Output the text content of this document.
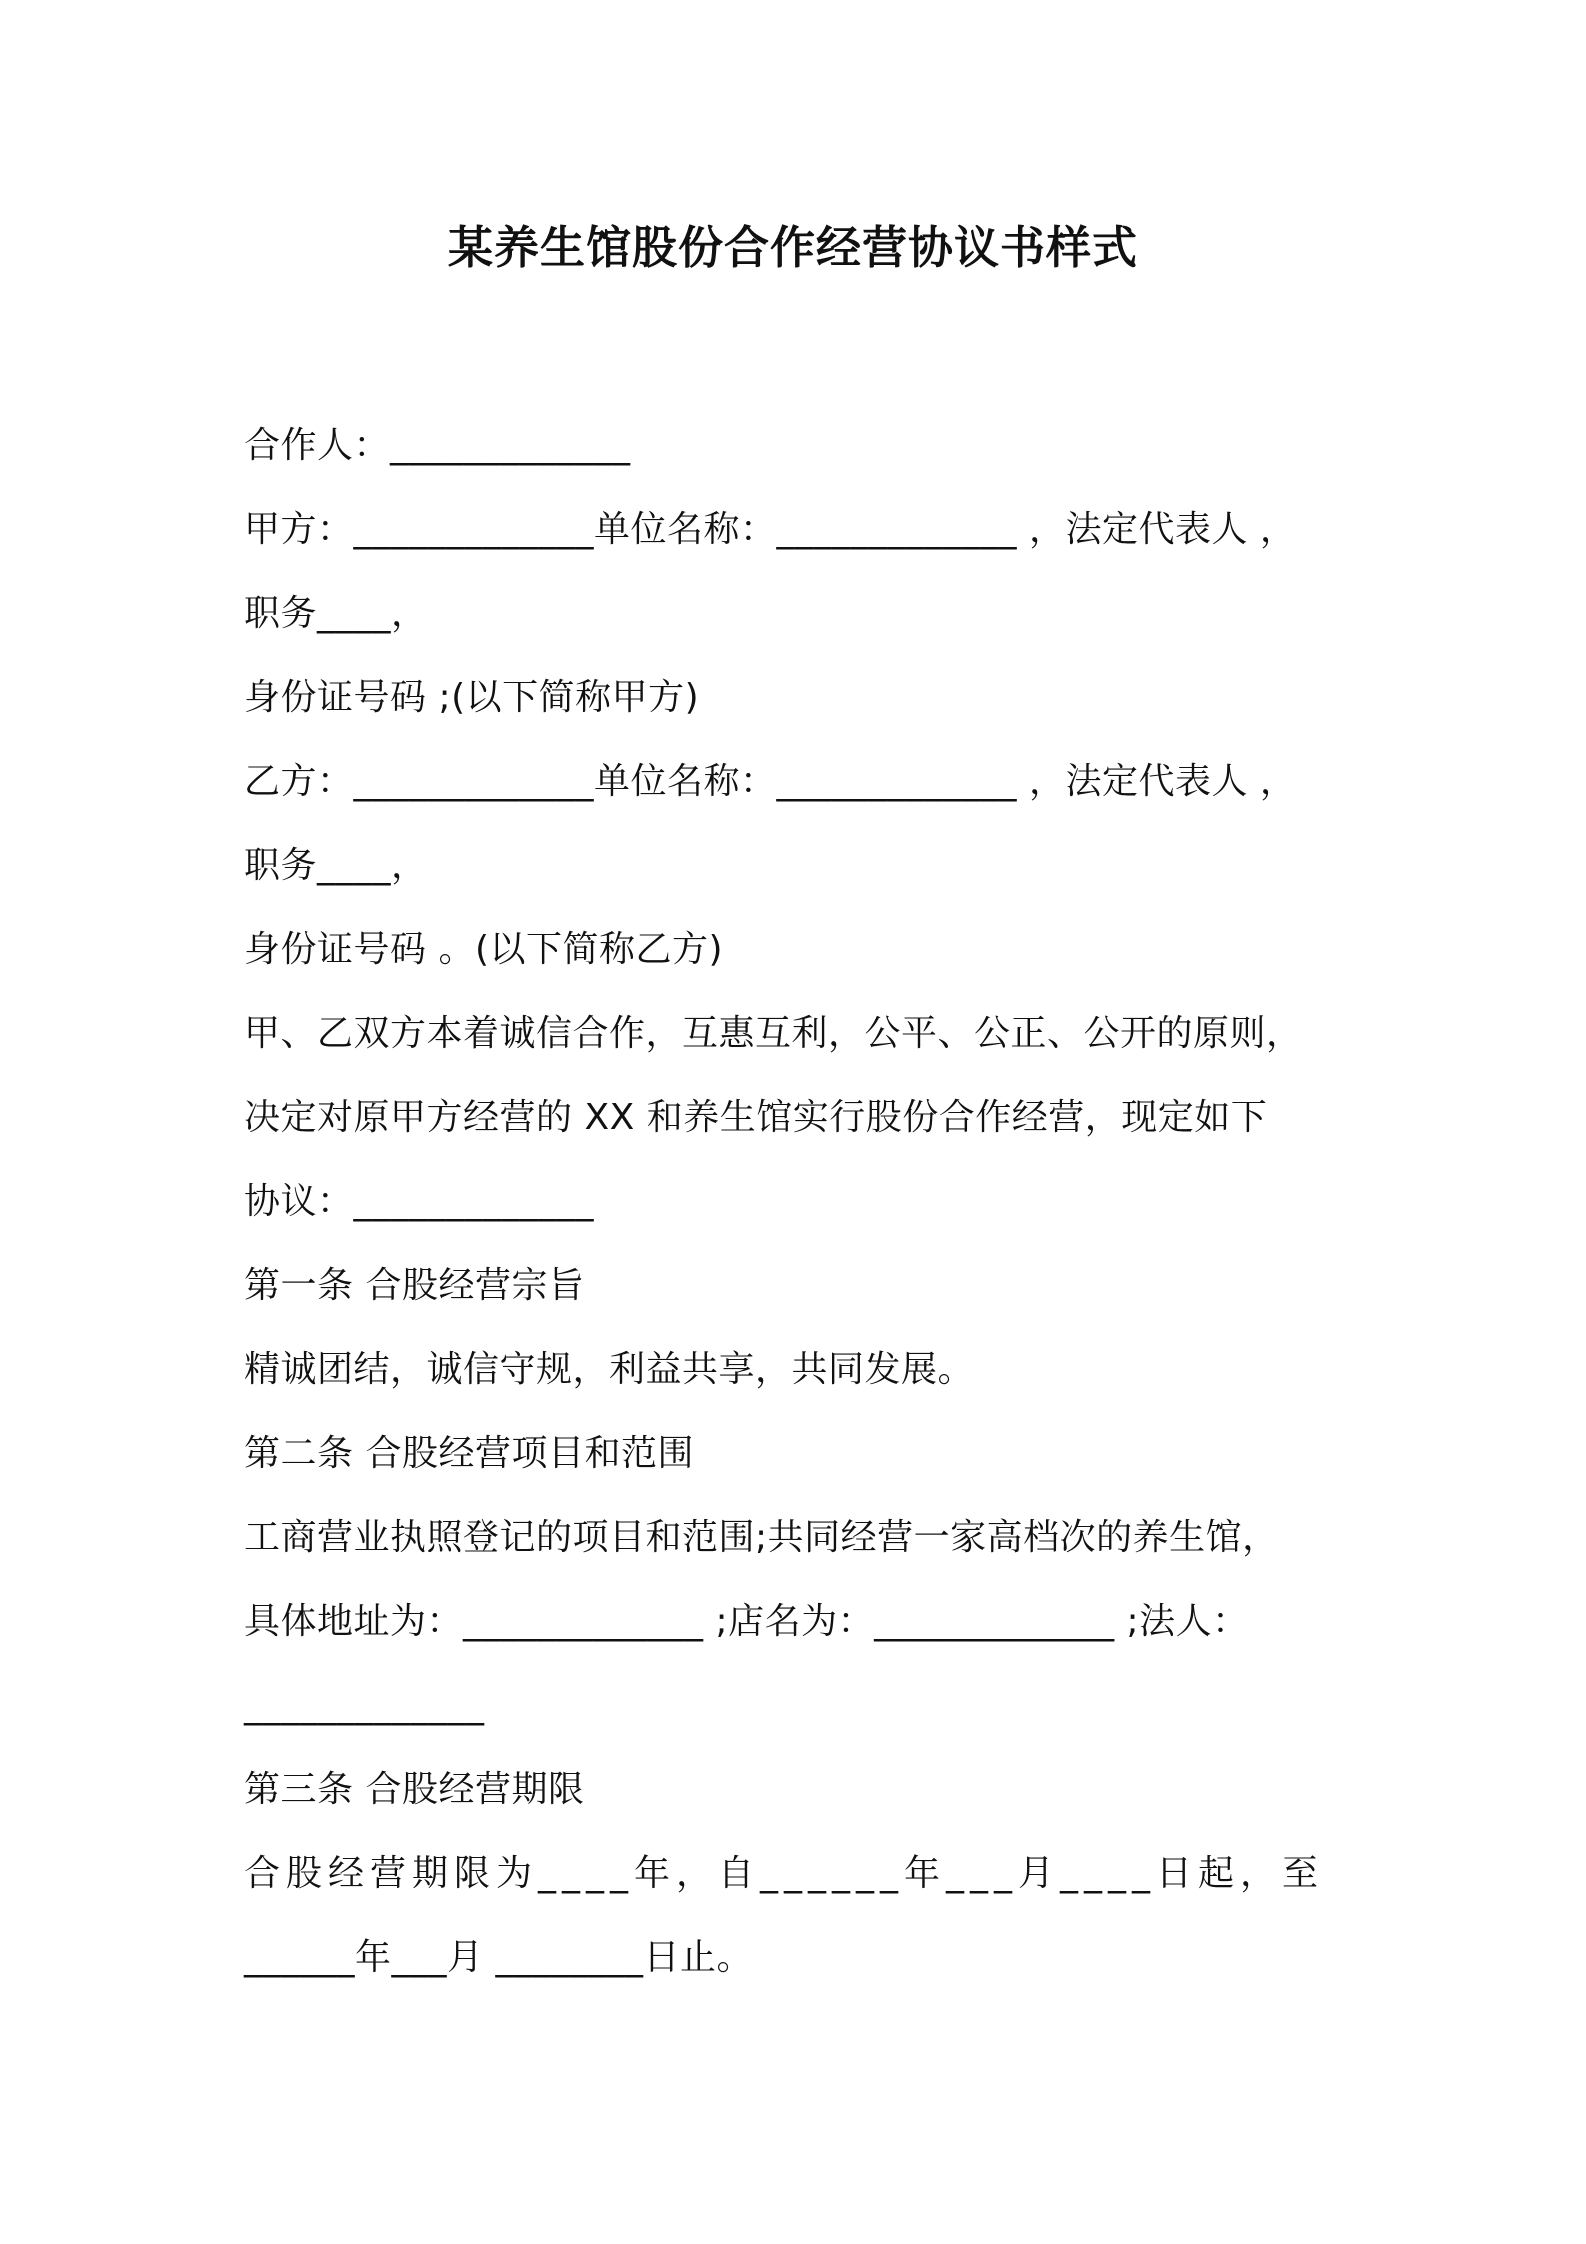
某养生馆股份合作经营协议书样式
合作人：_____________
甲方：_____________单位名称：_____________ ，法定代表人 ，
职务____，
身份证号码 ;(以下简称甲方)
乙方：_____________单位名称：_____________ ，法定代表人 ，
职务____，
身份证号码 。(以下简称乙方)
甲、乙双方本着诚信合作，互惠互利，公平、公正、公开的原则，
决定对原甲方经营的 XX 和养生馆实行股份合作经营，现定如下
协议：_____________
第一条 合股经营宗旨
精诚团结，诚信守规，利益共享，共同发展。
第二条 合股经营项目和范围
工商营业执照登记的项目和范围;共同经营一家高档次的养生馆，
具体地址为：_____________ ;店名为：_____________ ;法人：
_____________
第三条 合股经营期限
合股经营期限为____年，自______年___月____日起，至
______年___月 ________日止。
